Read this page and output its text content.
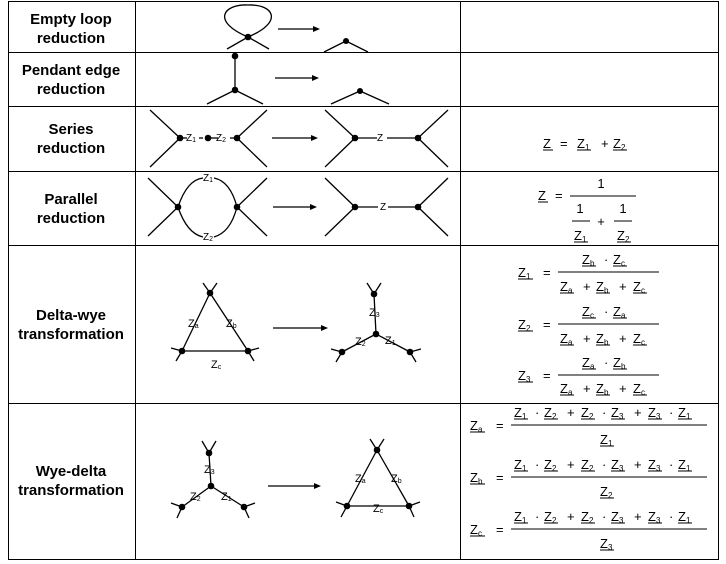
Empty loop
reduction
Pendant edge
reduction
Series
reduction
Parallel
reduction
Delta-wye
transformation
Wye-delta
transformation
Z1 Z2	Z	Z = Z1 + Z2
Z1
Z2
Z
Z =
1
1
+
1
Z1 Z2
Za Zb
Zc
Z3
Z2 Z1
Z1 =
Zb · Zc
Za + Zb + Zc
Z2 =
Zc · Za
Za + Zb + Zc
Z3 =
Za · Zb
Za + Zb + Zc
Z3
Z2 Z1
Za Zb
Zc
Za =
Z1 · Z2 + Z2 · Z3 + Z3 · Z1
Z1
Zb =
Z1 · Z2 + Z2 · Z3 + Z3 · Z1
Z2
Zc =
Z1 · Z2 + Z2 · Z3 + Z3 · Z1
Z3
